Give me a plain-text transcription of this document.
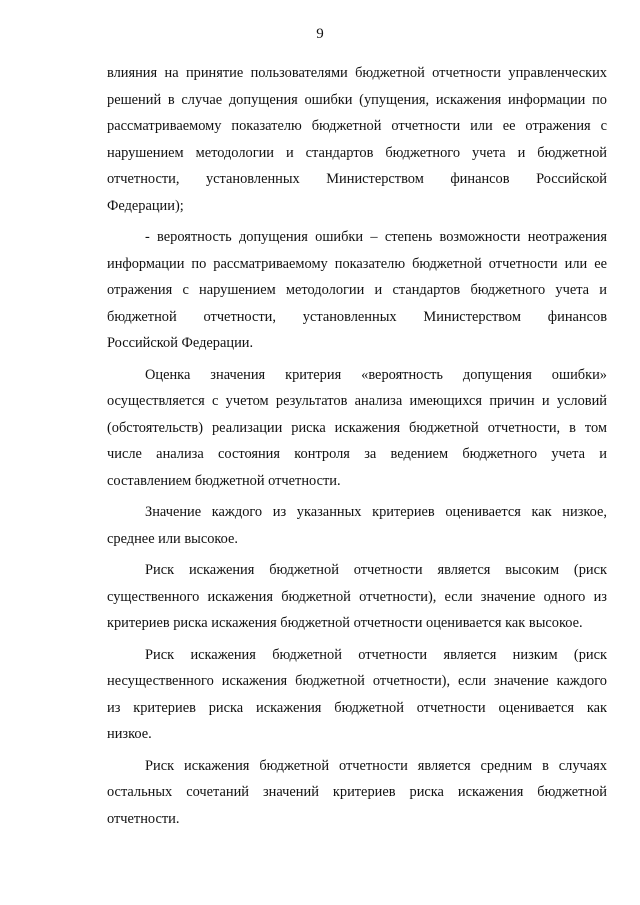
9
влияния на принятие пользователями бюджетной отчетности управленческих
решений в случае допущения ошибки (упущения, искажения информации по
рассматриваемому показателю бюджетной отчетности или ее отражения с
нарушением методологии и стандартов бюджетного учета и бюджетной
отчетности, установленных Министерством финансов Российской
Федерации);
- вероятность допущения ошибки – степень возможности неотражения
информации по рассматриваемому показателю бюджетной отчетности или ее
отражения с нарушением методологии и стандартов бюджетного учета и
бюджетной отчетности, установленных Министерством финансов
Российской Федерации.
Оценка значения критерия «вероятность допущения ошибки»
осуществляется с учетом результатов анализа имеющихся причин и условий
(обстоятельств) реализации риска искажения бюджетной отчетности, в том
числе анализа состояния контроля за ведением бюджетного учета и
составлением бюджетной отчетности.
Значение каждого из указанных критериев оценивается как низкое,
среднее или высокое.
Риск искажения бюджетной отчетности является высоким (риск
существенного искажения бюджетной отчетности), если значение одного из
критериев риска искажения бюджетной отчетности оценивается как высокое.
Риск искажения бюджетной отчетности является низким (риск
несущественного искажения бюджетной отчетности), если значение каждого
из критериев риска искажения бюджетной отчетности оценивается как
низкое.
Риск искажения бюджетной отчетности является средним в случаях
остальных сочетаний значений критериев риска искажения бюджетной
отчетности.
